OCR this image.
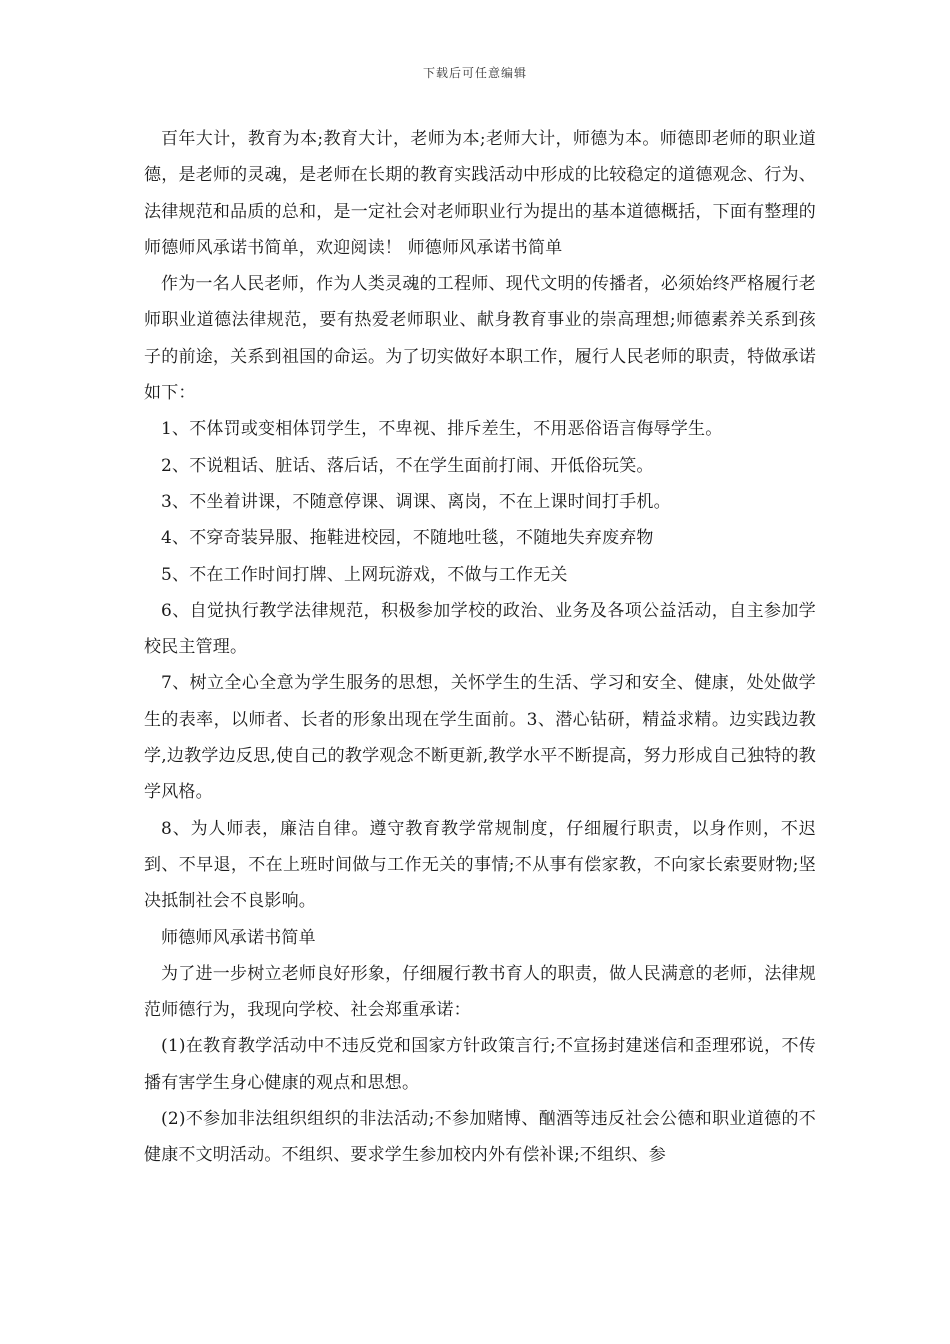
下载后可任意编辑

百年大计，教育为本;教育大计，老师为本;老师大计，师德为本。师德即老师的职业道德，是老师的灵魂，是老师在长期的教育实践活动中形成的比较稳定的道德观念、行为、法律规范和品质的总和，是一定社会对老师职业行为提出的基本道德概括，下面有整理的师德师风承诺书简单，欢迎阅读！ 师德师风承诺书简单

作为一名人民老师，作为人类灵魂的工程师、现代文明的传播者，必须始终严格履行老师职业道德法律规范，要有热爱老师职业、献身教育事业的崇高理想;师德素养关系到孩子的前途，关系到祖国的命运。为了切实做好本职工作，履行人民老师的职责，特做承诺如下：

1、不体罚或变相体罚学生，不卑视、排斥差生，不用恶俗语言侮辱学生。

2、不说粗话、脏话、落后话，不在学生面前打闹、开低俗玩笑。

3、不坐着讲课，不随意停课、调课、离岗，不在上课时间打手机。

4、不穿奇装异服、拖鞋进校园，不随地吐毯，不随地失弃废弃物

5、不在工作时间打牌、上网玩游戏，不做与工作无关

6、自觉执行教学法律规范，积极参加学校的政治、业务及各项公益活动，自主参加学校民主管理。

7、树立全心全意为学生服务的思想，关怀学生的生活、学习和安全、健康，处处做学生的表率，以师者、长者的形象出现在学生面前。3、潜心钻研，精益求精。边实践边教学,边教学边反思,使自己的教学观念不断更新,教学水平不断提高，努力形成自己独特的教学风格。

8、为人师表，廉洁自律。遵守教育教学常规制度，仔细履行职责，以身作则，不迟到、不早退，不在上班时间做与工作无关的事情;不从事有偿家教，不向家长索要财物;坚决抵制社会不良影响。

师德师风承诺书简单

为了进一步树立老师良好形象，仔细履行教书育人的职责，做人民满意的老师，法律规范师德行为，我现向学校、社会郑重承诺：

(1)在教育教学活动中不违反党和国家方针政策言行;不宣扬封建迷信和歪理邪说，不传播有害学生身心健康的观点和思想。

(2)不参加非法组织组织的非法活动;不参加赌博、酗酒等违反社会公德和职业道德的不健康不文明活动。不组织、要求学生参加校内外有偿补课;不组织、参
